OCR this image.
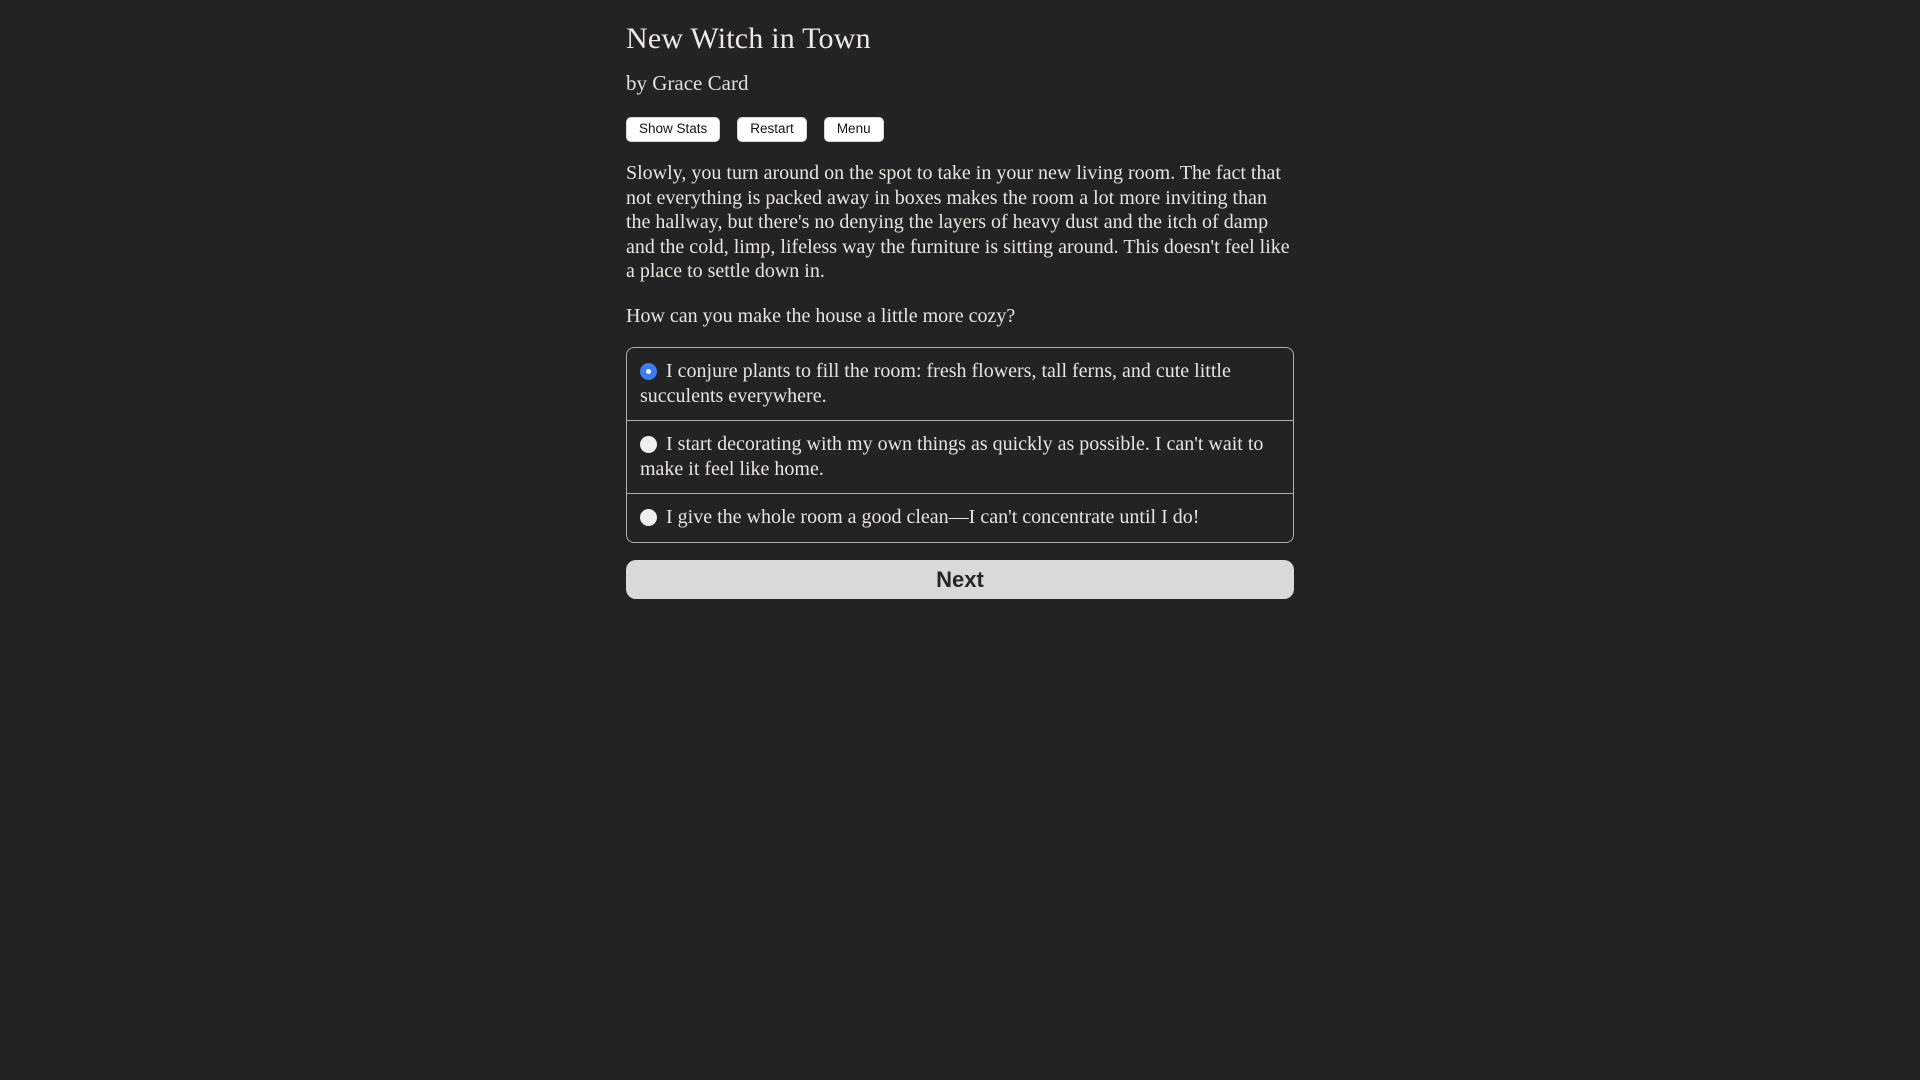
New Witch in Town
by Grace Card
Show Stats	Restart	Menu

Slowly, you turn around on the spot to take in your new living room. The fact that not everything is packed away in boxes makes the room a lot more inviting than the hallway, but there's no denying the layers of heavy dust and the itch of damp and the cold, limp, lifeless way the furniture is sitting around. This doesn't feel like a place to settle down in.

How can you make the house a little more cozy?

I conjure plants to fill the room: fresh flowers, tall ferns, and cute little succulents everywhere.
I start decorating with my own things as quickly as possible. I can't wait to make it feel like home.
I give the whole room a good clean—I can't concentrate until I do!
Next
